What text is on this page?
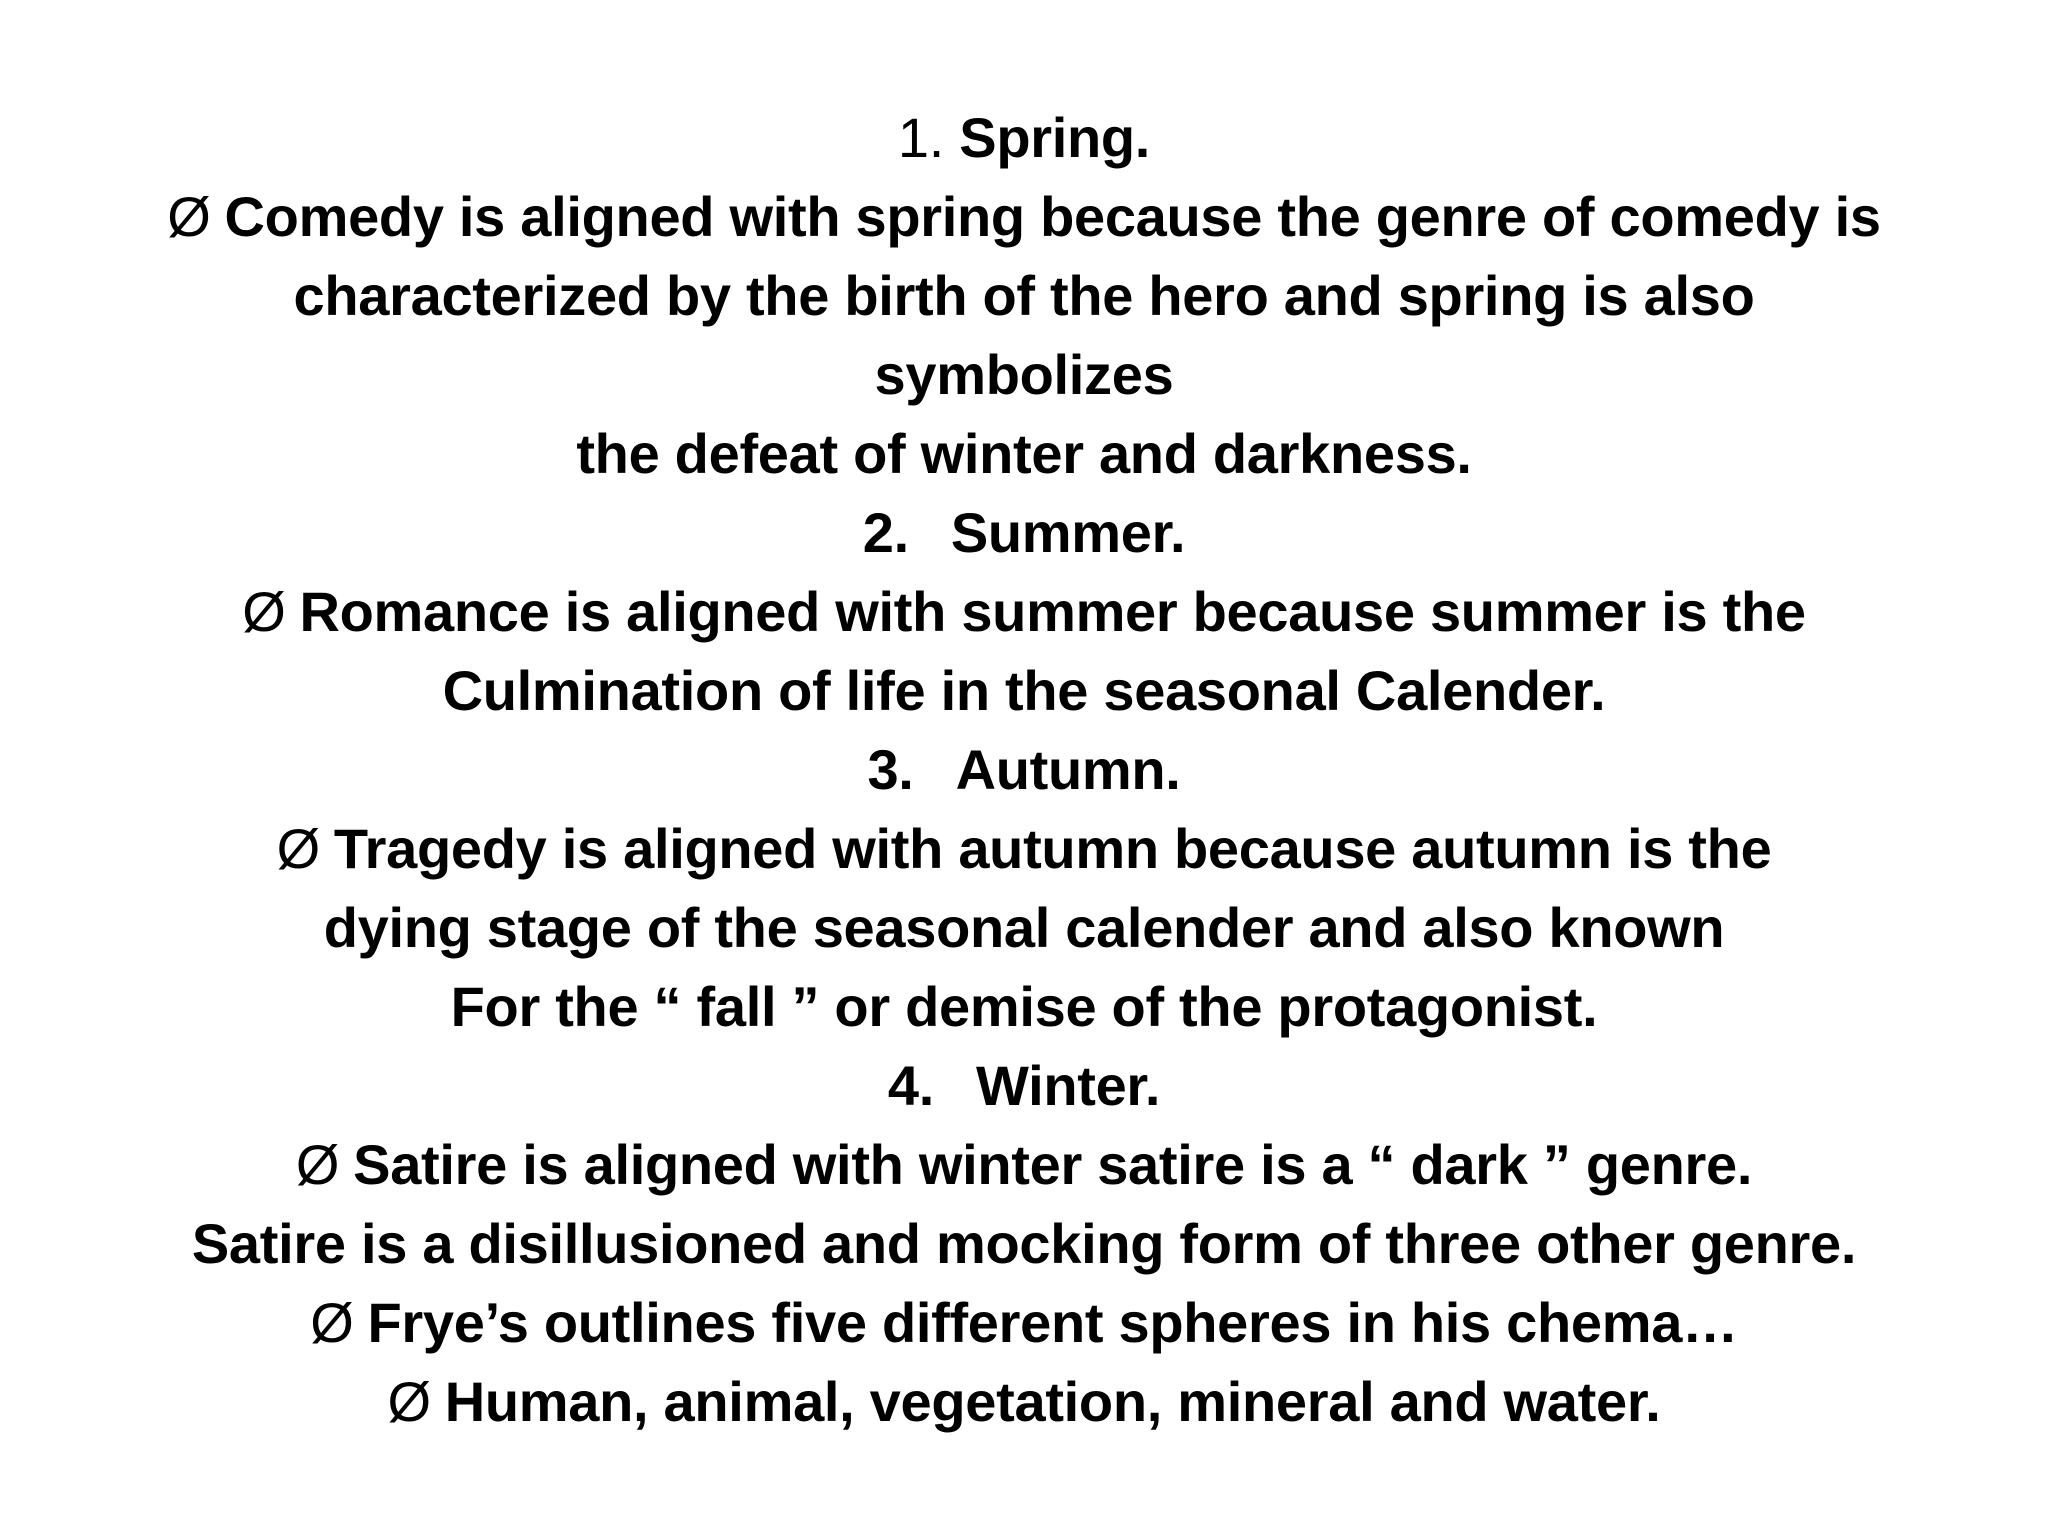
1. Spring.
Ø Comedy is aligned with spring because the genre of comedy is
characterized by the birth of the hero and spring is also
symbolizes
the defeat of winter and darkness.
2. Summer.
Ø Romance is aligned with summer because summer is the
Culmination of life in the seasonal Calender.
3. Autumn.
Ø Tragedy is aligned with autumn because autumn is the
dying stage of the seasonal calender and also known
For the “ fall ” or demise of the protagonist.
4. Winter.
Ø Satire is aligned with winter satire is a “ dark ” genre.
Satire is a disillusioned and mocking form of three other genre.
Ø Frye’s outlines five different spheres in his chema…
Ø Human, animal, vegetation, mineral and water.
